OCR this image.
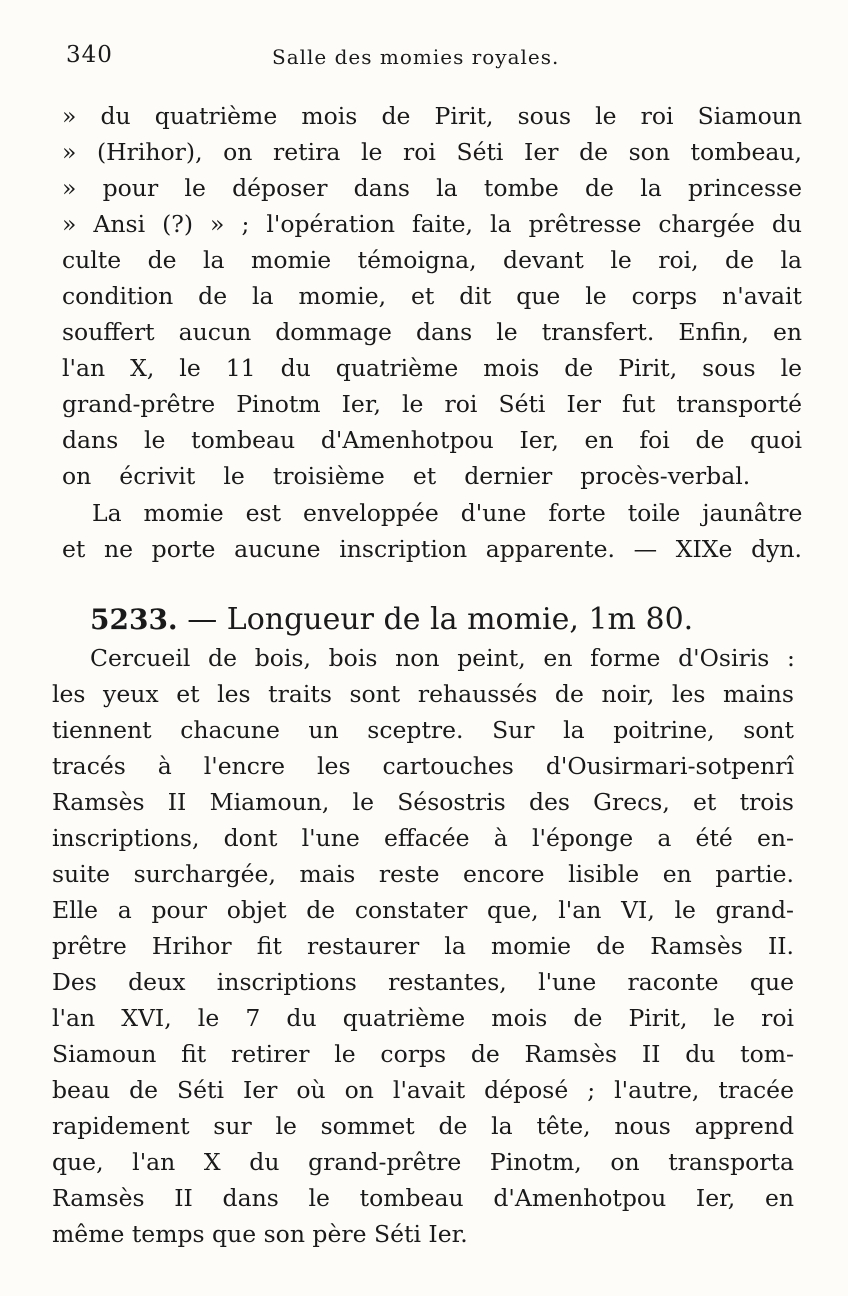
340	Salle des momies royales.
» du quatrième mois de Pirit, sous le roi Siamoun
» (Hrihor), on retira le roi Séti Ier de son tombeau,
» pour le déposer dans la tombe de la princesse
» Ansi (?) » ; l'opération faite, la prêtresse chargée du
culte de la momie témoigna, devant le roi, de la
condition de la momie, et dit que le corps n'avait
souffert aucun dommage dans le transfert. Enfin, en
l'an X, le 11 du quatrième mois de Pirit, sous le
grand-prêtre Pinotm Ier, le roi Séti Ier fut transporté
dans le tombeau d'Amenhotpou Ier, en foi de quoi
on écrivit le troisième et dernier procès-verbal.
La momie est enveloppée d'une forte toile jaunâtre
et ne porte aucune inscription apparente. — XIXe dyn.
5233. — Longueur de la momie, 1m 80.
Cercueil de bois, bois non peint, en forme d'Osiris :
les yeux et les traits sont rehaussés de noir, les mains
tiennent chacune un sceptre. Sur la poitrine, sont
tracés à l'encre les cartouches d'Ousirmari-sotpenrî
Ramsès II Miamoun, le Sésostris des Grecs, et trois
inscriptions, dont l'une effacée à l'éponge a été en-
suite surchargée, mais reste encore lisible en partie.
Elle a pour objet de constater que, l'an VI, le grand-
prêtre Hrihor fit restaurer la momie de Ramsès II.
Des deux inscriptions restantes, l'une raconte que
l'an XVI, le 7 du quatrième mois de Pirit, le roi
Siamoun fit retirer le corps de Ramsès II du tom-
beau de Séti Ier où on l'avait déposé ; l'autre, tracée
rapidement sur le sommet de la tête, nous apprend
que, l'an X du grand-prêtre Pinotm, on transporta
Ramsès II dans le tombeau d'Amenhotpou Ier, en
même temps que son père Séti Ier.
